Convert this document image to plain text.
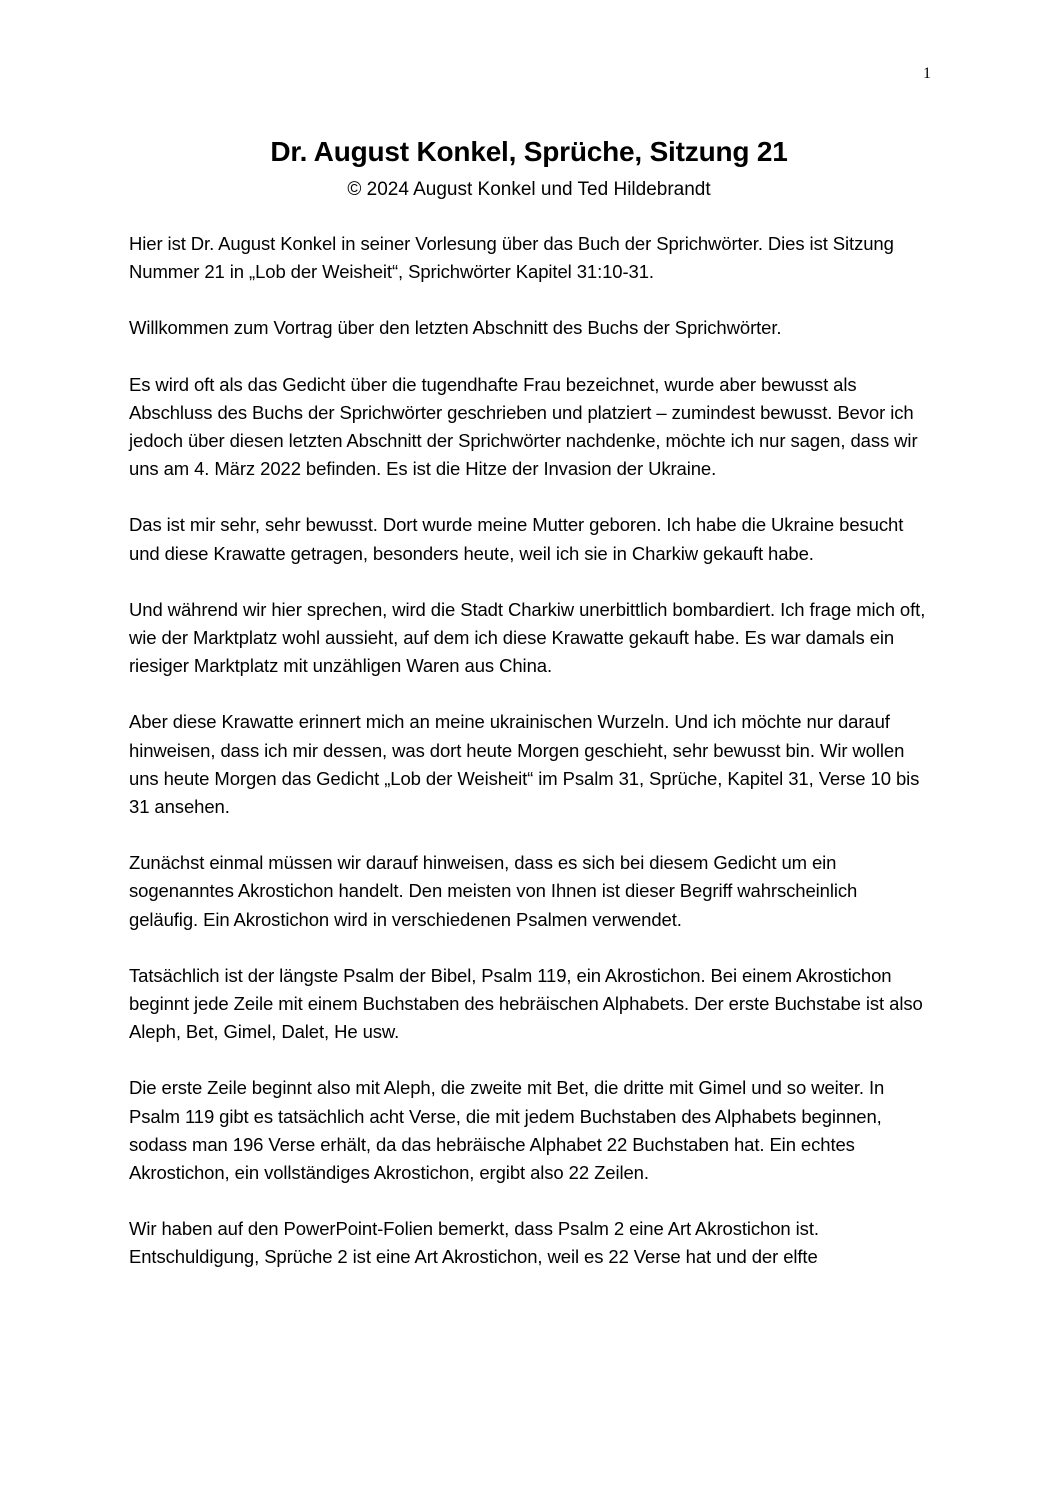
1
Dr. August Konkel, Sprüche, Sitzung 21
© 2024 August Konkel und Ted Hildebrandt

Hier ist Dr. August Konkel in seiner Vorlesung über das Buch der Sprichwörter. Dies ist Sitzung Nummer 21 in „Lob der Weisheit“, Sprichwörter Kapitel 31:10-31.

Willkommen zum Vortrag über den letzten Abschnitt des Buchs der Sprichwörter.

Es wird oft als das Gedicht über die tugendhafte Frau bezeichnet, wurde aber bewusst als Abschluss des Buchs der Sprichwörter geschrieben und platziert – zumindest bewusst. Bevor ich jedoch über diesen letzten Abschnitt der Sprichwörter nachdenke, möchte ich nur sagen, dass wir uns am 4. März 2022 befinden. Es ist die Hitze der Invasion der Ukraine.

Das ist mir sehr, sehr bewusst. Dort wurde meine Mutter geboren. Ich habe die Ukraine besucht und diese Krawatte getragen, besonders heute, weil ich sie in Charkiw gekauft habe.

Und während wir hier sprechen, wird die Stadt Charkiw unerbittlich bombardiert. Ich frage mich oft, wie der Marktplatz wohl aussieht, auf dem ich diese Krawatte gekauft habe. Es war damals ein riesiger Marktplatz mit unzähligen Waren aus China.

Aber diese Krawatte erinnert mich an meine ukrainischen Wurzeln. Und ich möchte nur darauf hinweisen, dass ich mir dessen, was dort heute Morgen geschieht, sehr bewusst bin. Wir wollen uns heute Morgen das Gedicht „Lob der Weisheit“ im Psalm 31, Sprüche, Kapitel 31, Verse 10 bis 31 ansehen.

Zunächst einmal müssen wir darauf hinweisen, dass es sich bei diesem Gedicht um ein sogenanntes Akrostichon handelt. Den meisten von Ihnen ist dieser Begriff wahrscheinlich geläufig. Ein Akrostichon wird in verschiedenen Psalmen verwendet.

Tatsächlich ist der längste Psalm der Bibel, Psalm 119, ein Akrostichon. Bei einem Akrostichon beginnt jede Zeile mit einem Buchstaben des hebräischen Alphabets. Der erste Buchstabe ist also Aleph, Bet, Gimel, Dalet, He usw.

Die erste Zeile beginnt also mit Aleph, die zweite mit Bet, die dritte mit Gimel und so weiter. In Psalm 119 gibt es tatsächlich acht Verse, die mit jedem Buchstaben des Alphabets beginnen, sodass man 196 Verse erhält, da das hebräische Alphabet 22 Buchstaben hat. Ein echtes Akrostichon, ein vollständiges Akrostichon, ergibt also 22 Zeilen.

Wir haben auf den PowerPoint-Folien bemerkt, dass Psalm 2 eine Art Akrostichon ist. Entschuldigung, Sprüche 2 ist eine Art Akrostichon, weil es 22 Verse hat und der elfte
